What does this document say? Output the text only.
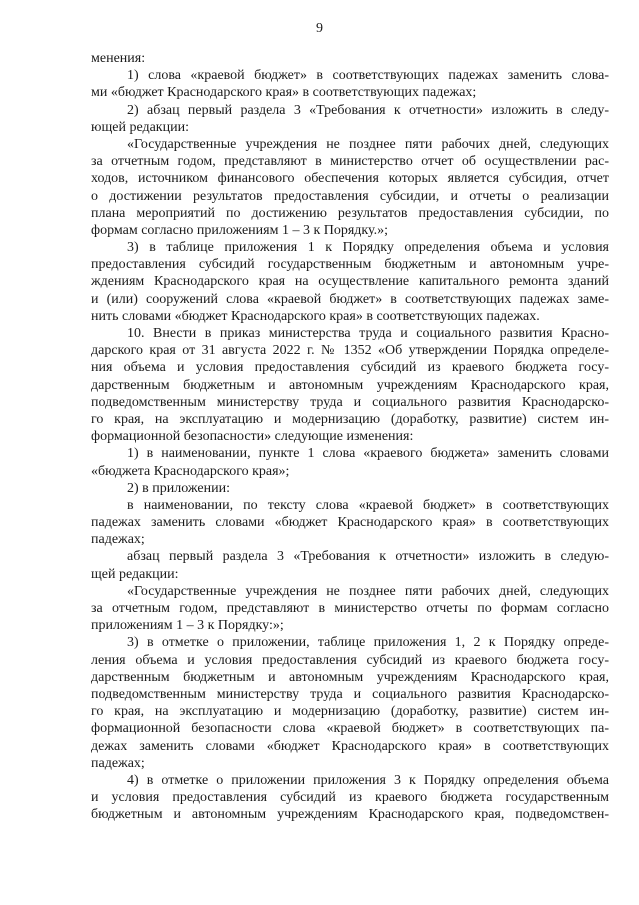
9
менения:
1) слова «краевой бюджет» в соответствующих падежах заменить слова-
ми «бюджет Краснодарского края» в соответствующих падежах;
2) абзац первый раздела 3 «Требования к отчетности» изложить в следу-
ющей редакции:
«Государственные учреждения не позднее пяти рабочих дней, следующих
за отчетным годом, представляют в министерство отчет об осуществлении рас-
ходов, источником финансового обеспечения которых является субсидия, отчет
о достижении результатов предоставления субсидии, и отчеты о реализации
плана мероприятий по достижению результатов предоставления субсидии, по
формам согласно приложениям 1 – 3 к Порядку.»;
3) в таблице приложения 1 к Порядку определения объема и условия
предоставления субсидий государственным бюджетным и автономным учре-
ждениям Краснодарского края на осуществление капитального ремонта зданий
и (или) сооружений слова «краевой бюджет» в соответствующих падежах заме-
нить словами «бюджет Краснодарского края» в соответствующих падежах.
10. Внести в приказ министерства труда и социального развития Красно-
дарского края от 31 августа 2022 г. № 1352 «Об утверждении Порядка определе-
ния объема и условия предоставления субсидий из краевого бюджета госу-
дарственным бюджетным и автономным учреждениям Краснодарского края,
подведомственным министерству труда и социального развития Краснодарско-
го края, на эксплуатацию и модернизацию (доработку, развитие) систем ин-
формационной безопасности» следующие изменения:
1) в наименовании, пункте 1 слова «краевого бюджета» заменить словами
«бюджета Краснодарского края»;
2) в приложении:
в наименовании, по тексту слова «краевой бюджет» в соответствующих
падежах заменить словами «бюджет Краснодарского края» в соответствующих
падежах;
абзац первый раздела 3 «Требования к отчетности» изложить в следую-
щей редакции:
«Государственные учреждения не позднее пяти рабочих дней, следующих
за отчетным годом, представляют в министерство отчеты по формам согласно
приложениям 1 – 3 к Порядку:»;
3) в отметке о приложении, таблице приложения 1, 2 к Порядку опреде-
ления объема и условия предоставления субсидий из краевого бюджета госу-
дарственным бюджетным и автономным учреждениям Краснодарского края,
подведомственным министерству труда и социального развития Краснодарско-
го края, на эксплуатацию и модернизацию (доработку, развитие) систем ин-
формационной безопасности слова «краевой бюджет» в соответствующих па-
дежах заменить словами «бюджет Краснодарского края» в соответствующих
падежах;
4) в отметке о приложении приложения 3 к Порядку определения объема
и условия предоставления субсидий из краевого бюджета государственным
бюджетным и автономным учреждениям Краснодарского края, подведомствен-
